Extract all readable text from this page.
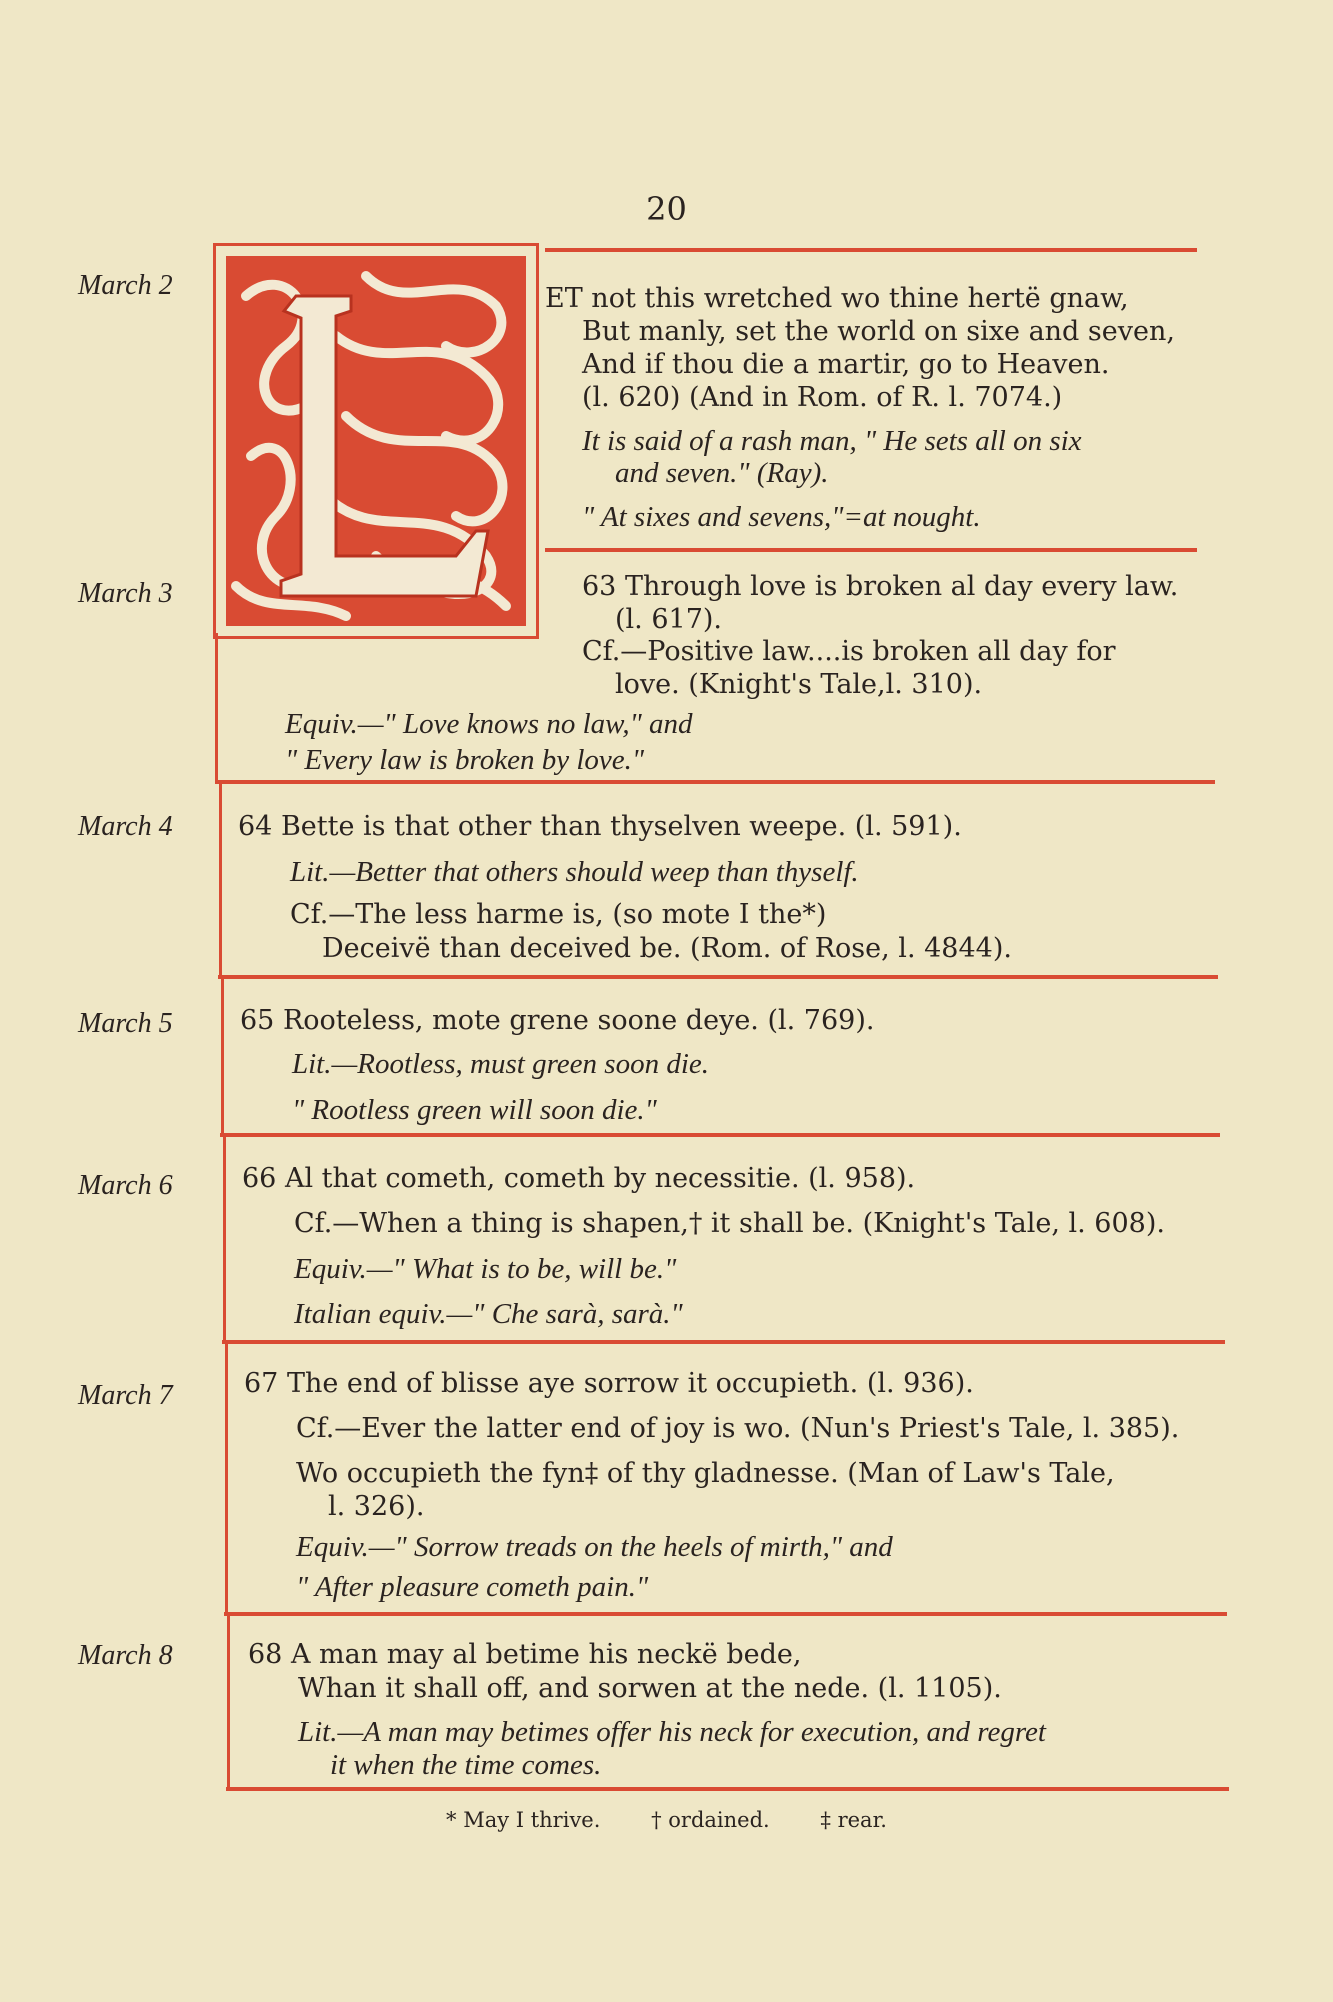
20
March 2
March 3
March 4
March 5
March 6
March 7
March 8
ET not this wretched wo thine hertë gnaw,
But manly, set the world on sixe and seven,
And if thou die a martir, go to Heaven.
(l. 620) (And in Rom. of R. l. 7074.)
It is said of a rash man, " He sets all on six
and seven." (Ray).
" At sixes and sevens,"=at nought.
63 Through love is broken al day every law.
(l. 617).
Cf.—Positive law....is broken all day for
love. (Knight's Tale,l. 310).
Equiv.—" Love knows no law," and
" Every law is broken by love."
64 Bette is that other than thyselven weepe. (l. 591).
Lit.—Better that others should weep than thyself.
Cf.—The less harme is, (so mote I the*)
Deceivë than deceived be. (Rom. of Rose, l. 4844).
65 Rooteless, mote grene soone deye. (l. 769).
Lit.—Rootless, must green soon die.
" Rootless green will soon die."
66 Al that cometh, cometh by necessitie. (l. 958).
Cf.—When a thing is shapen,† it shall be. (Knight's Tale, l. 608).
Equiv.—" What is to be, will be."
Italian equiv.—" Che sarà, sarà."
67 The end of blisse aye sorrow it occupieth. (l. 936).
Cf.—Ever the latter end of joy is wo. (Nun's Priest's Tale, l. 385).
Wo occupieth the fyn‡ of thy gladnesse. (Man of Law's Tale,
l. 326).
Equiv.—" Sorrow treads on the heels of mirth," and
" After pleasure cometh pain."
68 A man may al betime his neckë bede,
Whan it shall off, and sorwen at the nede. (l. 1105).
Lit.—A man may betimes offer his neck for execution, and regret
it when the time comes.
* May I thrive. † ordained. ‡ rear.
